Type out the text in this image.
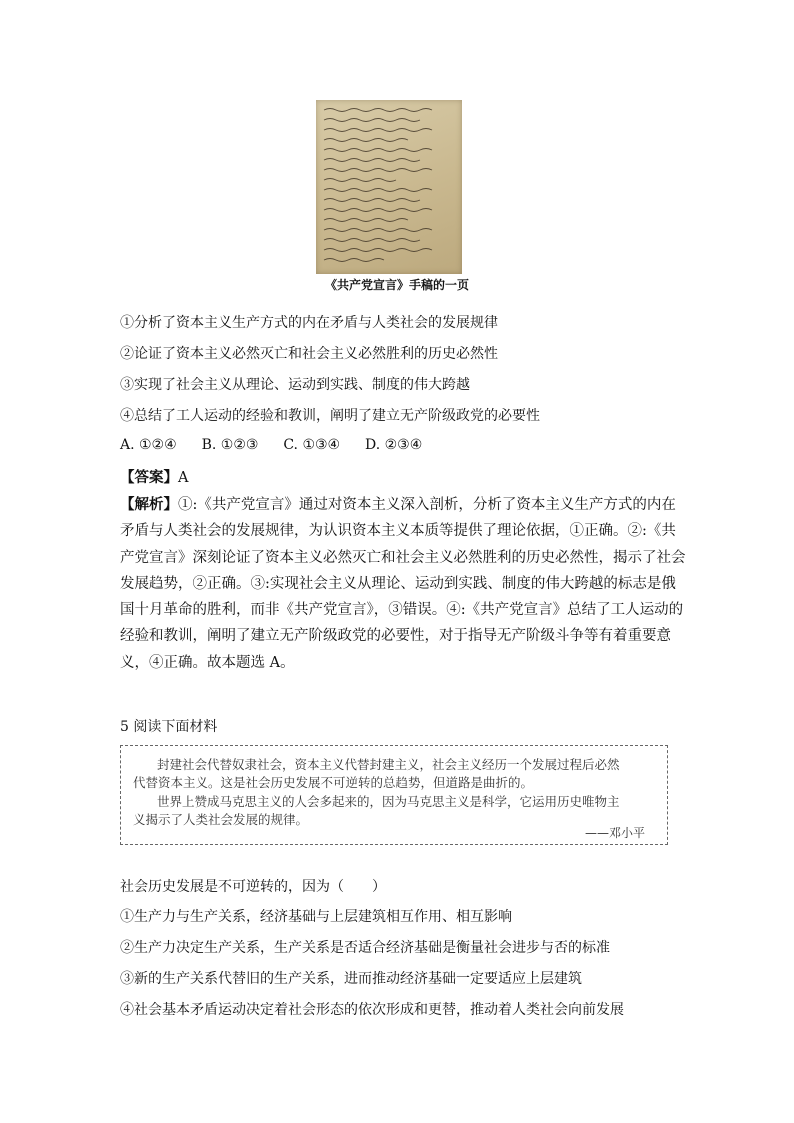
《共产党宣言》手稿的一页
①分析了资本主义生产方式的内在矛盾与人类社会的发展规律
②论证了资本主义必然灭亡和社会主义必然胜利的历史必然性
③实现了社会主义从理论、运动到实践、制度的伟大跨越
④总结了工人运动的经验和教训，阐明了建立无产阶级政党的必要性
A. ①②④ B. ①②③ C. ①③④ D. ②③④
【答案】A
【解析】①:《共产党宣言》通过对资本主义深入剖析，分析了资本主义生产方式的内在矛盾与人类社会的发展规律，为认识资本主义本质等提供了理论依据，①正确。②:《共产党宣言》深刻论证了资本主义必然灭亡和社会主义必然胜利的历史必然性，揭示了社会发展趋势，②正确。③:实现社会主义从理论、运动到实践、制度的伟大跨越的标志是俄国十月革命的胜利，而非《共产党宣言》，③错误。④:《共产党宣言》总结了工人运动的经验和教训，阐明了建立无产阶级政党的必要性，对于指导无产阶级斗争等有着重要意义，④正确。故本题选 A。
5 阅读下面材料
封建社会代替奴隶社会，资本主义代替封建主义，社会主义经历一个发展过程后必然
代替资本主义。这是社会历史发展不可逆转的总趋势，但道路是曲折的。
世界上赞成马克思主义的人会多起来的，因为马克思主义是科学，它运用历史唯物主
义揭示了人类社会发展的规律。
——邓小平
社会历史发展是不可逆转的，因为（　　）
①生产力与生产关系，经济基础与上层建筑相互作用、相互影响
②生产力决定生产关系，生产关系是否适合经济基础是衡量社会进步与否的标准
③新的生产关系代替旧的生产关系，进而推动经济基础一定要适应上层建筑
④社会基本矛盾运动决定着社会形态的依次形成和更替，推动着人类社会向前发展
